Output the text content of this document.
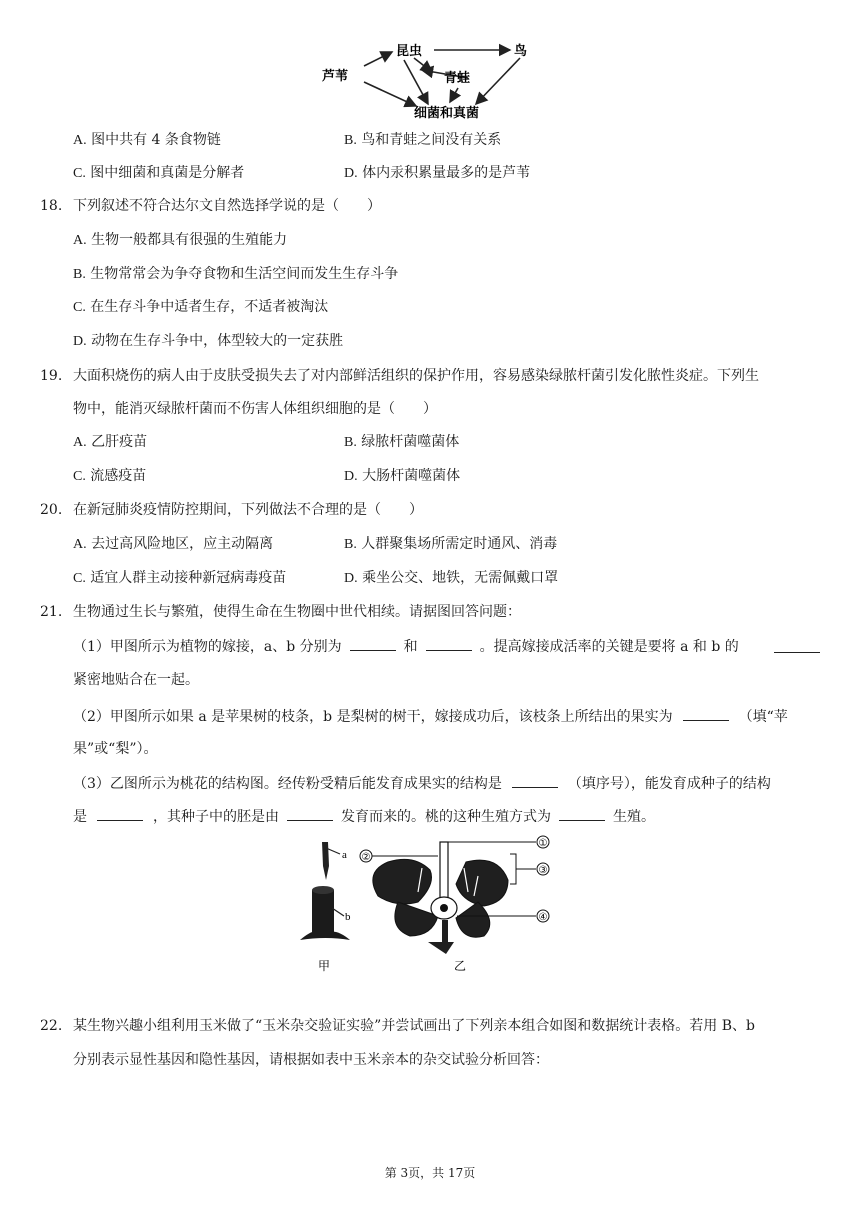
芦苇
昆虫	鸟
青蛙
细菌和真菌
A. 图中共有 4 条食物链	B. 鸟和青蛙之间没有关系
C. 图中细菌和真菌是分解者	D. 体内汞积累量最多的是芦苇
18. 下列叙述不符合达尔文自然选择学说的是（　　）
A. 生物一般都具有很强的生殖能力
B. 生物常常会为争夺食物和生活空间而发生生存斗争
C. 在生存斗争中适者生存，不适者被淘汰
D. 动物在生存斗争中，体型较大的一定获胜
19. 大面积烧伤的病人由于皮肤受损失去了对内部鲜活组织的保护作用，容易感染绿脓杆菌引发化脓性炎症。下列生
物中，能消灭绿脓杆菌而不伤害人体组织细胞的是（　　）
A. 乙肝疫苗	B. 绿脓杆菌噬菌体
C. 流感疫苗	D. 大肠杆菌噬菌体
20. 在新冠肺炎疫情防控期间，下列做法不合理的是（　　）
A. 去过高风险地区，应主动隔离	B. 人群聚集场所需定时通风、消毒
C. 适宜人群主动接种新冠病毒疫苗	D. 乘坐公交、地铁，无需佩戴口罩
21. 生物通过生长与繁殖，使得生命在生物圈中世代相续。请据图回答问题：
（1）甲图所示为植物的嫁接，a、b 分别为	和	。提高嫁接成活率的关键是要将 a 和 b 的
紧密地贴合在一起。
（2）甲图所示如果 a 是苹果树的枝条，b 是梨树的树干，嫁接成功后，该枝条上所结出的果实为	（填“苹
果”或“梨”）。
（3）乙图所示为桃花的结构图。经传粉受精后能发育成果实的结构是	（填序号），能发育成种子的结构
是	，其种子中的胚是由	发育而来的。桃的这种生殖方式为	生殖。
a
b
甲
①
②
③
④
乙
22. 某生物兴趣小组利用玉米做了“玉米杂交验证实验”并尝试画出了下列亲本组合如图和数据统计表格。若用 B、b
分别表示显性基因和隐性基因，请根据如表中玉米亲本的杂交试验分析回答：
第 3页，共 17页
